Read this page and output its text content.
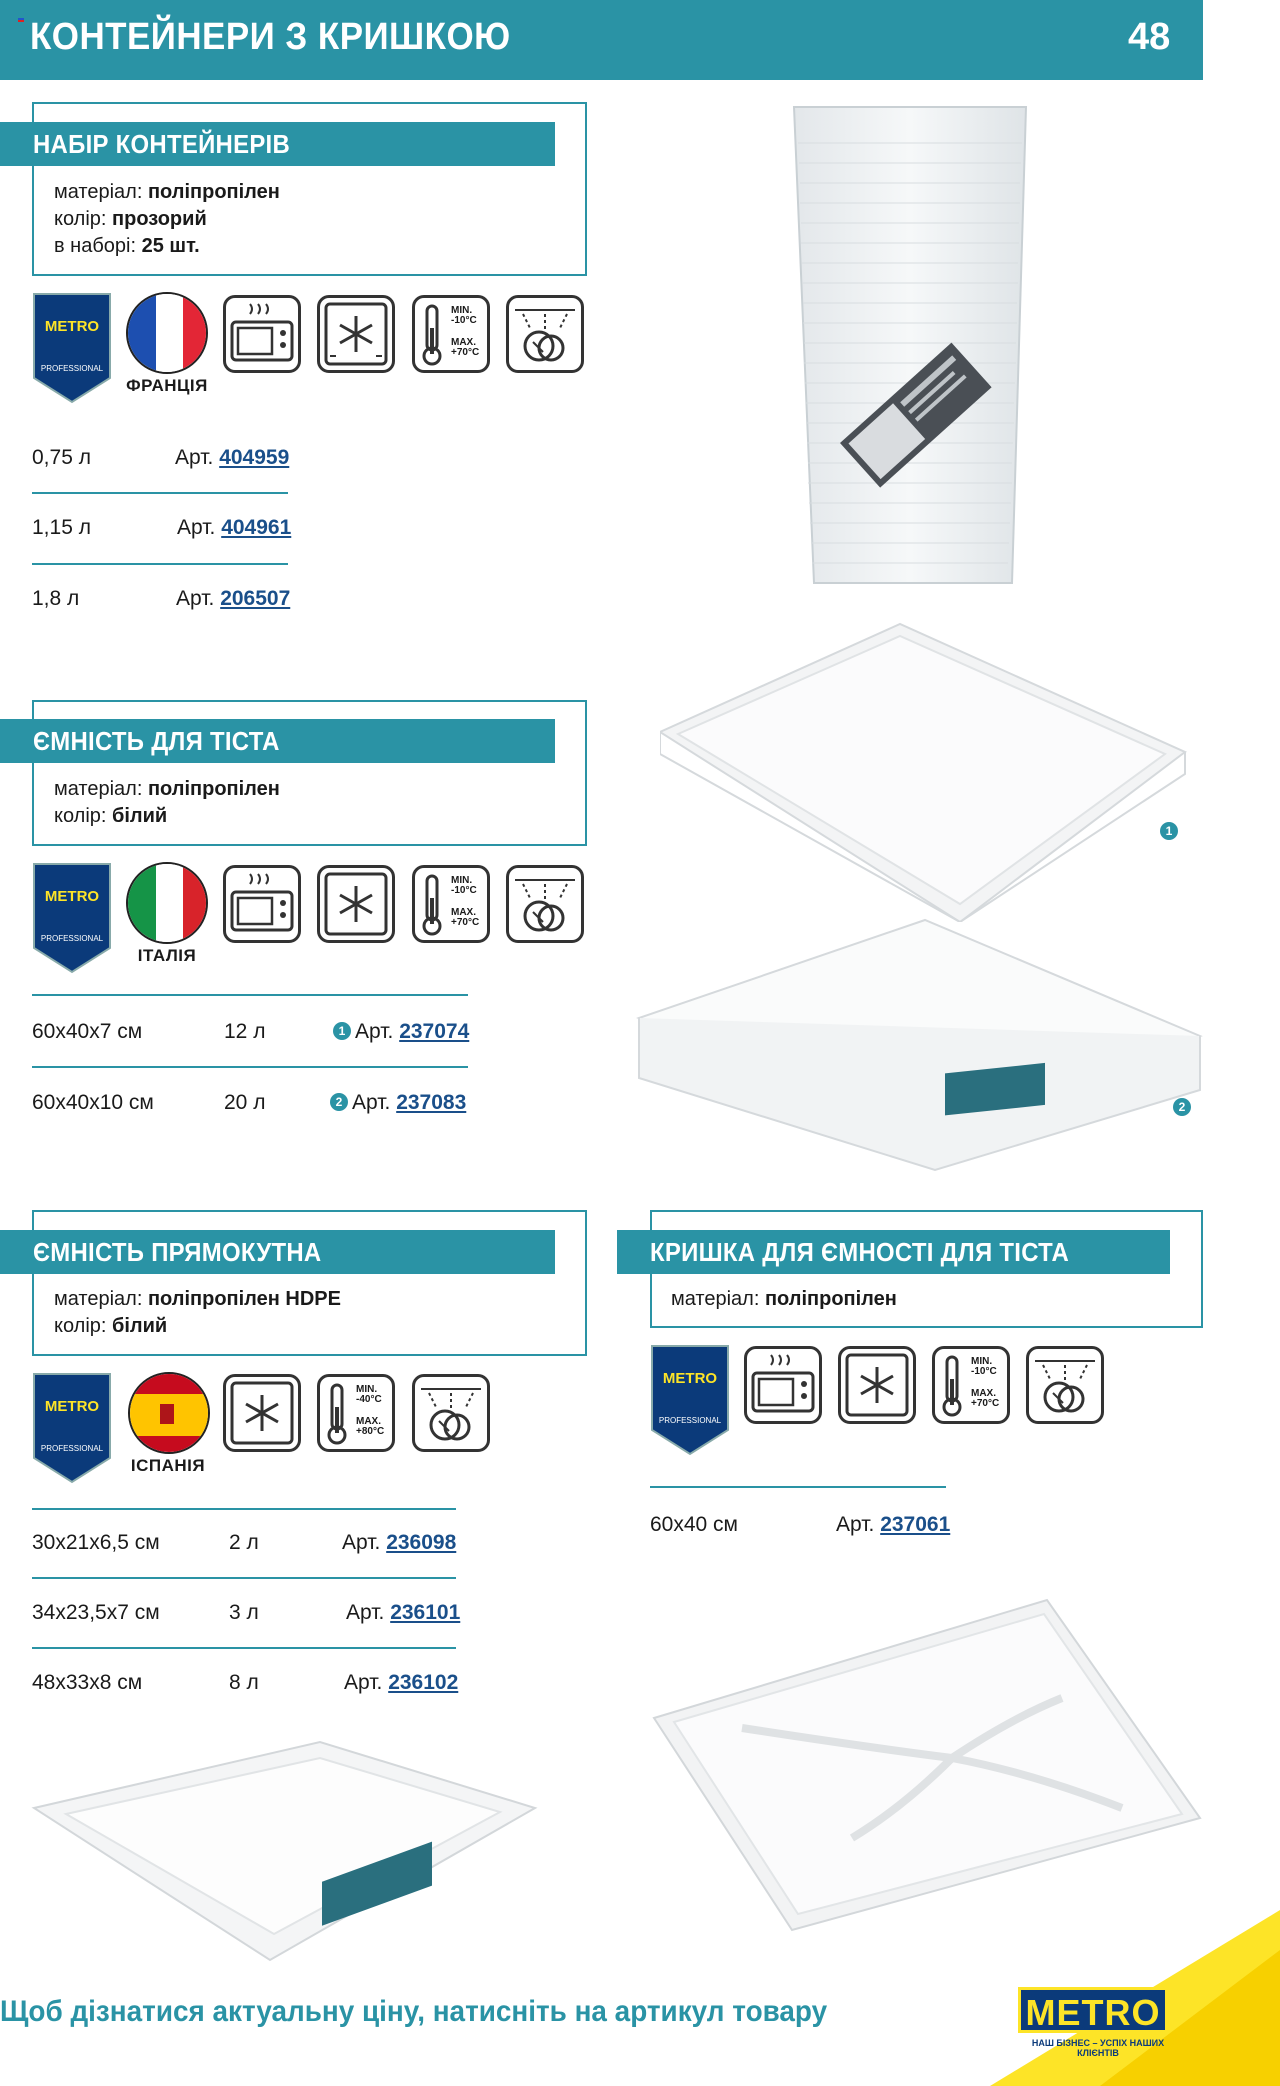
КОНТЕЙНЕРИ З КРИШКОЮ	48
НАБІР КОНТЕЙНЕРІВ
матеріал: поліпропілен
колір: прозорий
в наборі: 25 шт.
METRO
PROFESSIONAL
ФРАНЦІЯ
MIN.
-10°C
MAX.
+70°C
0,75 л	Арт. 404959
1,15 л	Арт. 404961
1,8 л	Арт. 206507
ЄМНІСТЬ ДЛЯ ТІСТА
матеріал: поліпропілен
колір: білий
METRO
PROFESSIONAL
ІТАЛІЯ
MIN.
-10°C
MAX.
+70°C
60х40х7 см	12 л	1 Арт. 237074
60х40х10 см	20 л	2 Арт. 237083
1
2
ЄМНІСТЬ ПРЯМОКУТНА
матеріал: поліпропілен HDPE
колір: білий
METRO
PROFESSIONAL
ІСПАНІЯ
MIN.
-40°C
MAX.
+80°C
30х21х6,5 см	2 л	Арт. 236098
34х23,5х7 см	3 л	Арт. 236101
48х33х8 см	8 л	Арт. 236102
КРИШКА ДЛЯ ЄМНОСТІ ДЛЯ ТІСТА
матеріал: поліпропілен
METRO
PROFESSIONAL
MIN.
-10°C
MAX.
+70°C
60х40 см	Арт. 237061
Щоб дізнатися актуальну ціну, натисніть на артикул товару	METRO
НАШ БІЗНЕС – УСПІХ НАШИХ КЛІЄНТІВ
